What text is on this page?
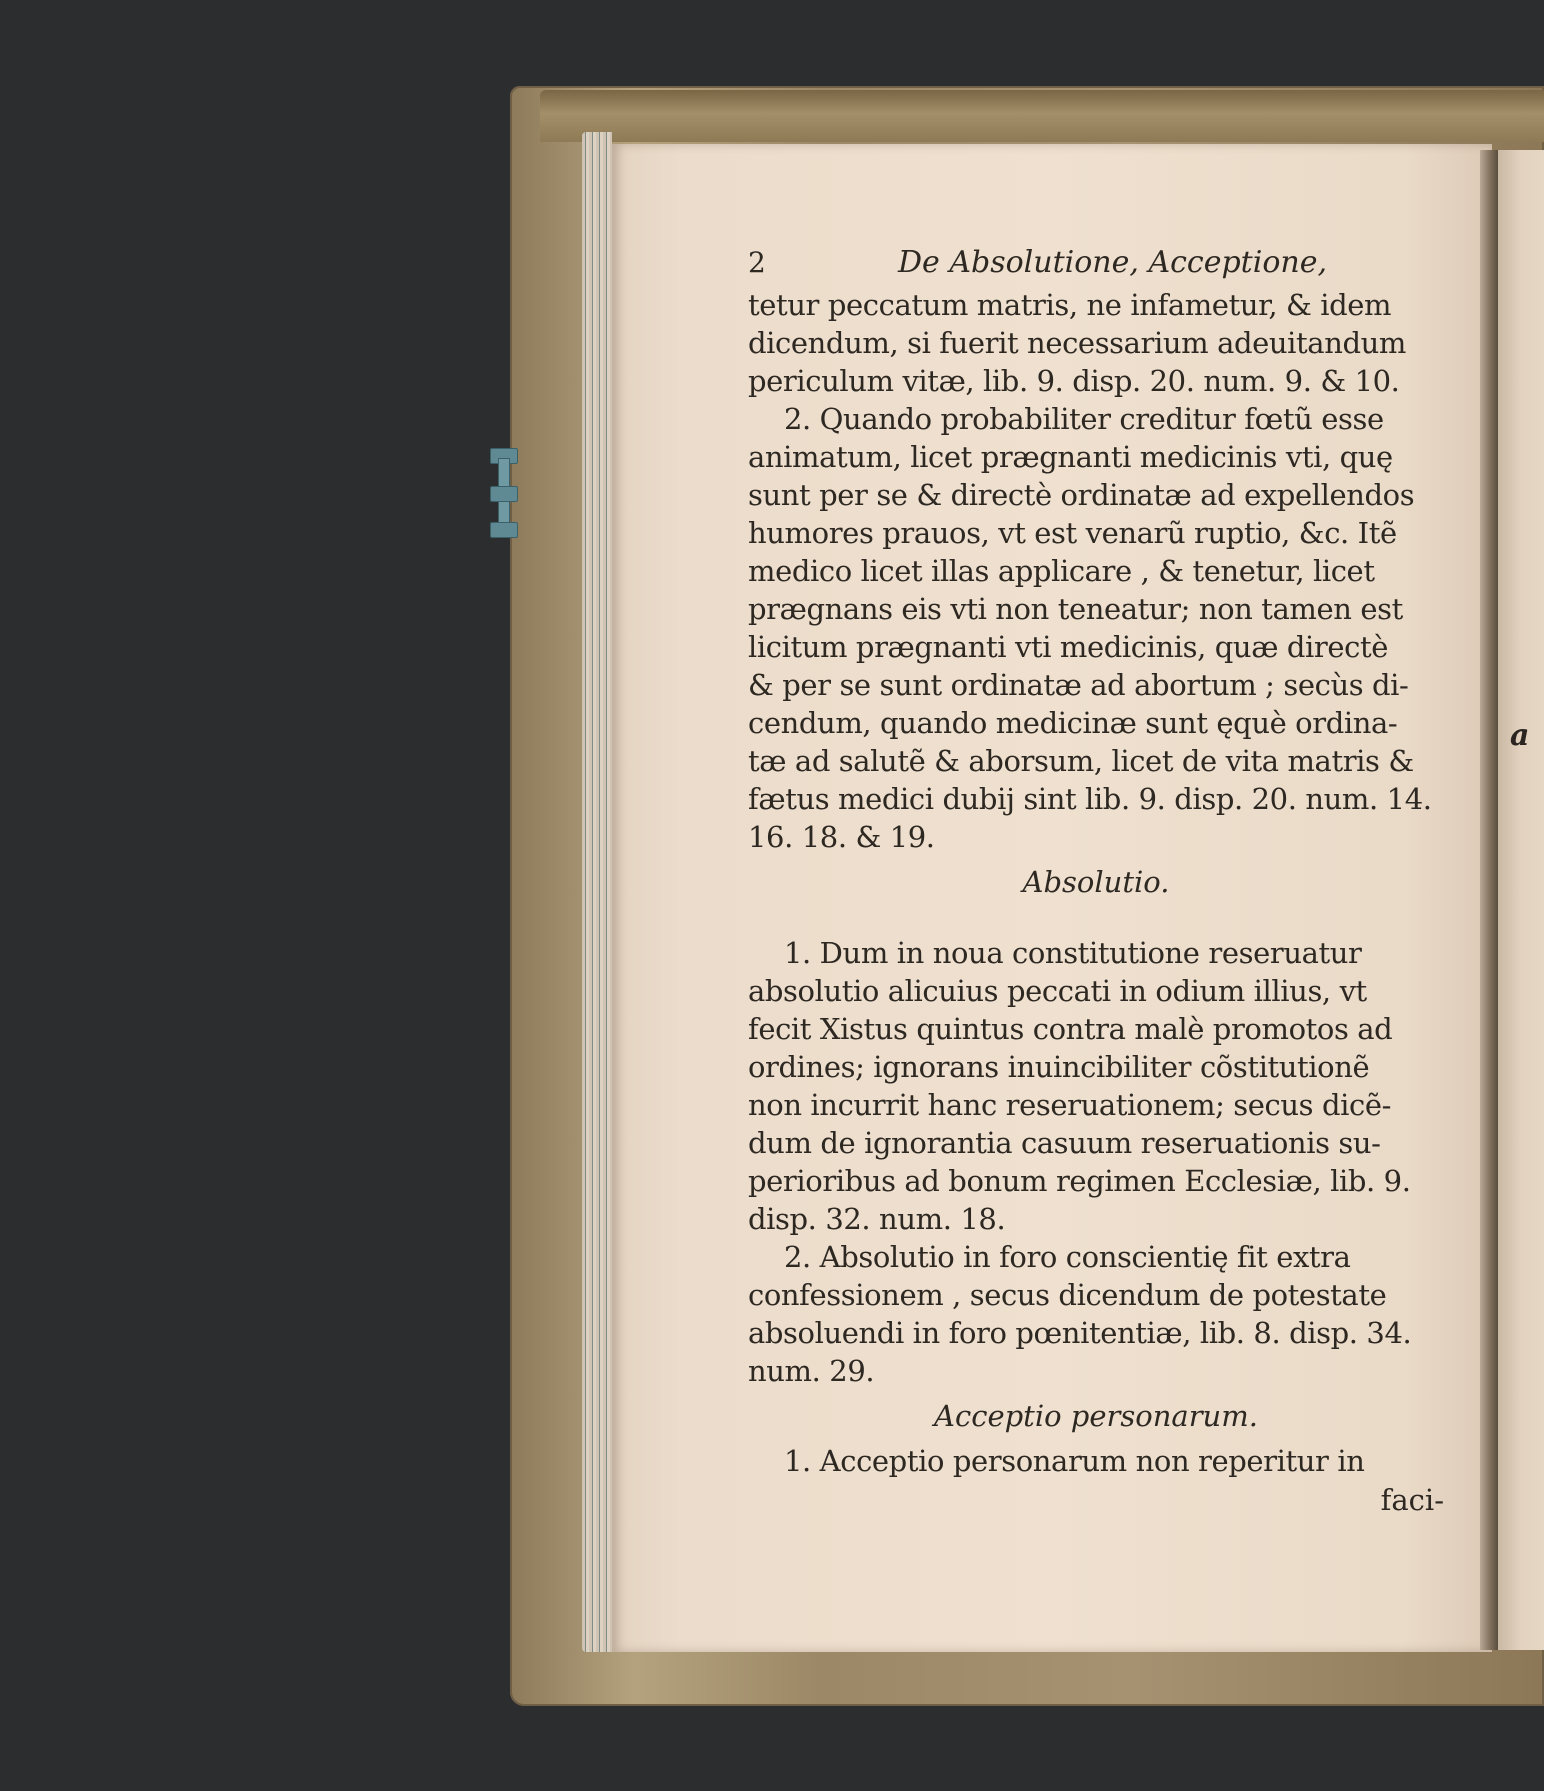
a
2	De Absolutione, Acceptione,
tetur peccatum matris, ne infametur, & idem
dicendum, si fuerit necessarium adeuitandum
periculum vitæ, lib. 9. disp. 20. num. 9. & 10.
2. Quando probabiliter creditur fœtũ esse
animatum, licet prægnanti medicinis vti, quę
sunt per se & directè ordinatæ ad expellendos
humores prauos, vt est venarũ ruptio, &c. Itẽ
medico licet illas applicare , & tenetur, licet
prægnans eis vti non teneatur; non tamen est
licitum prægnanti vti medicinis, quæ directè
& per se sunt ordinatæ ad abortum ; secùs di-
cendum, quando medicinæ sunt ęquè ordina-
tæ ad salutẽ & aborsum, licet de vita matris &
fætus medici dubij sint lib. 9. disp. 20. num. 14.
16. 18. & 19.
Absolutio.
1. Dum in noua constitutione reseruatur
absolutio alicuius peccati in odium illius, vt
fecit Xistus quintus contra malè promotos ad
ordines; ignorans inuincibiliter cõstitutionẽ
non incurrit hanc reseruationem; secus dicẽ-
dum de ignorantia casuum reseruationis su-
perioribus ad bonum regimen Ecclesiæ, lib. 9.
disp. 32. num. 18.
2. Absolutio in foro conscientię fit extra
confessionem , secus dicendum de potestate
absoluendi in foro pœnitentiæ, lib. 8. disp. 34.
num. 29.
Acceptio personarum.
1. Acceptio personarum non reperitur in
faci-
